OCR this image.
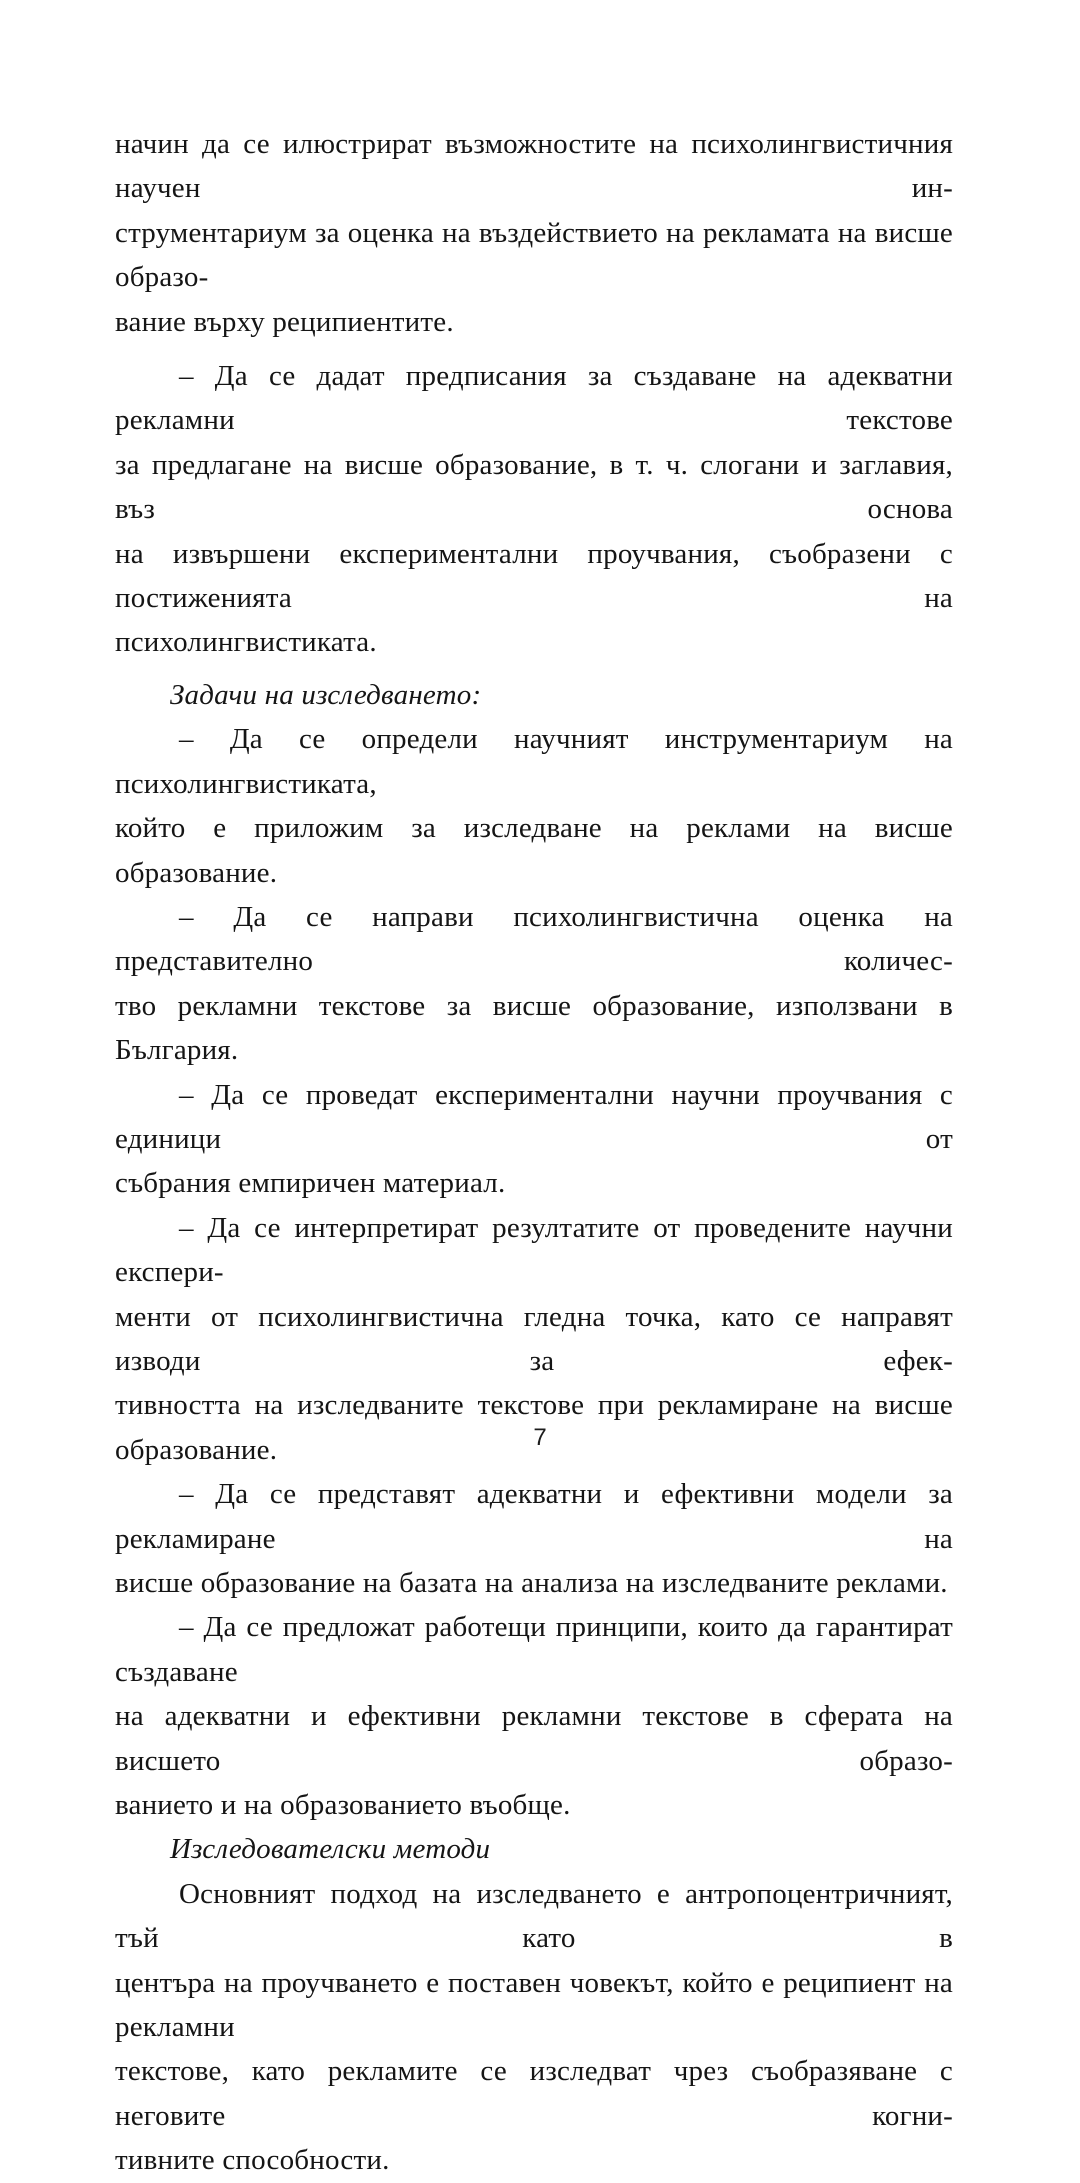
начин да се илюстрират възможностите на психолингвистичния научен ин-
струментариум за оценка на въздействието на рекламата на висше образо-
вание върху реципиентите.
– Да се дадат предписания за създаване на адекватни рекламни текстове
за предлагане на висше образование, в т. ч. слогани и заглавия, въз основа
на извършени експериментални проучвания, съобразени с постиженията на
психолингвистиката.
Задачи на изследването:
– Да се определи научният инструментариум на психолингвистиката,
който е приложим за изследване на реклами на висше образование.
– Да се направи психолингвистична оценка на представително количес-
тво рекламни текстове за висше образование, използвани в България.
– Да се проведат експериментални научни проучвания с единици от
събрания емпиричен материал.
– Да се интерпретират резултатите от проведените научни експери-
менти от психолингвистична гледна точка, като се направят изводи за ефек-
тивността на изследваните текстове при рекламиране на висше образование.
– Да се представят адекватни и ефективни модели за рекламиране на
висше образование на базата на анализа на изследваните реклами.
– Да се предложат работещи принципи, които да гарантират създаване
на адекватни и ефективни рекламни текстове в сферата на висшето образо-
ванието и на образованието въобще.
Изследователски методи
Основният подход на изследването е антропоцентричният, тъй като в
центъра на проучването е поставен човекът, който е реципиент на рекламни
текстове, като рекламите се изследват чрез съобразяване с неговите когни-
тивните способности.
7
